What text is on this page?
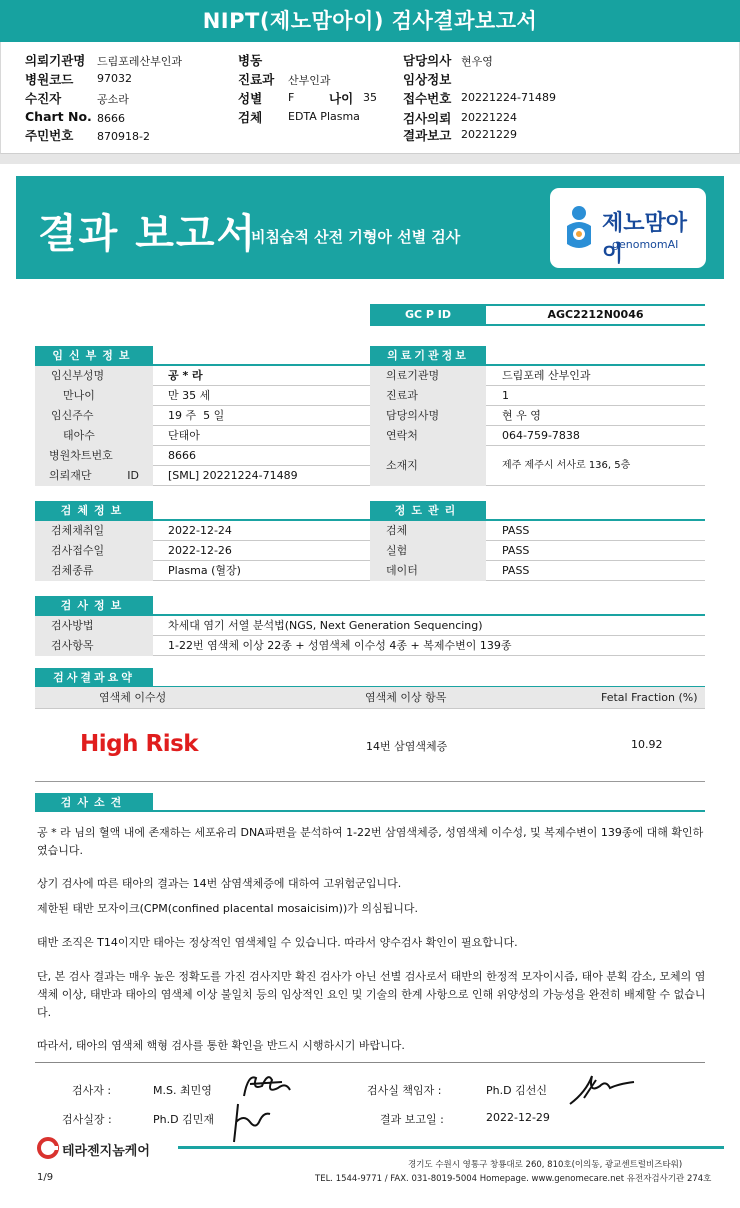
NIPT(제노맘아이) 검사결과보고서
의뢰기관명 드림포레산부인과
병원코드 97032
수진자	공소라
Chart No. 8666
주민번호 870918-2
병동
진료과 산부인과
성별 F	나이 35
검체 EDTA Plasma
담당의사 현우영
임상정보
접수번호 20221224-71489
검사의뢰 20221224
결과보고 20221229
결과 보고서
비침습적 산전 기형아 선별 검사
제노맘아이
genomomAI
GC P ID	AGC2212N0046
임신부정보
임신부성명	공 * 라
만나이	만 35 세
임신주수	19 주  5 일
태아수	단태아
병원차트번호	8666
의뢰재단 ID	[SML] 20221224-71489
의료기관정보
의료기관명	드림포레 산부인과
진료과	1
담당의사명	현 우 영
연락처	064-759-7838
소재지	제주 제주시 서사로 136, 5층
검체정보
검체채취일	2022-12-24
검사접수일	2022-12-26
검체종류	Plasma (혈장)
정도관리
검체	PASS
실험	PASS
데이터	PASS
검사정보
검사방법	차세대 염기 서열 분석법(NGS, Next Generation Sequencing)
검사항목	1-22번 염색체 이상 22종 + 성염색체 이수성 4종 + 복제수변이 139종
검사결과요약
염색체 이수성	염색체 이상 항목	Fetal Fraction (%)
High Risk	14번 삼염색체증	10.92
검사소견
공 * 라 님의 혈액 내에 존재하는 세포유리 DNA파편을 분석하여 1-22번 삼염색체증, 성염색체 이수성, 및 복제수변이 139종에 대해 확인하였습니다.
상기 검사에 따른 태아의 결과는 14번 삼염색체증에 대하여 고위험군입니다.
제한된 태반 모자이크(CPM(confined placental mosaicisim))가 의심됩니다.
태반 조직은 T14이지만 태아는 정상적인 염색체일 수 있습니다. 따라서 양수검사 확인이 필요합니다.
단, 본 검사 결과는 매우 높은 정확도를 가진 검사지만 확진 검사가 아닌 선별 검사로서 태반의 한정적 모자이시즘, 태아 분획 감소, 모체의 염색체 이상, 태반과 태아의 염색체 이상 불일치 등의 임상적인 요인 및 기술의 한계 사항으로 인해 위양성의 가능성을 완전히 배제할 수 없습니다.
따라서, 태아의 염색체 핵형 검사를 통한 확인을 반드시 시행하시기 바랍니다.
검사자 :	M.S. 최민영	검사실 책임자 :	Ph.D 김선신
검사실장 :	Ph.D 김민재	결과 보고일 :	2022-12-29
테라젠지놈케어
경기도 수원시 영통구 창룡대로 260, 810호(이의동, 광교센트럴비즈타워)
TEL. 1544-9771 / FAX. 031-8019-5004 Homepage. www.genomecare.net 유전자검사기관 274호
1/9
